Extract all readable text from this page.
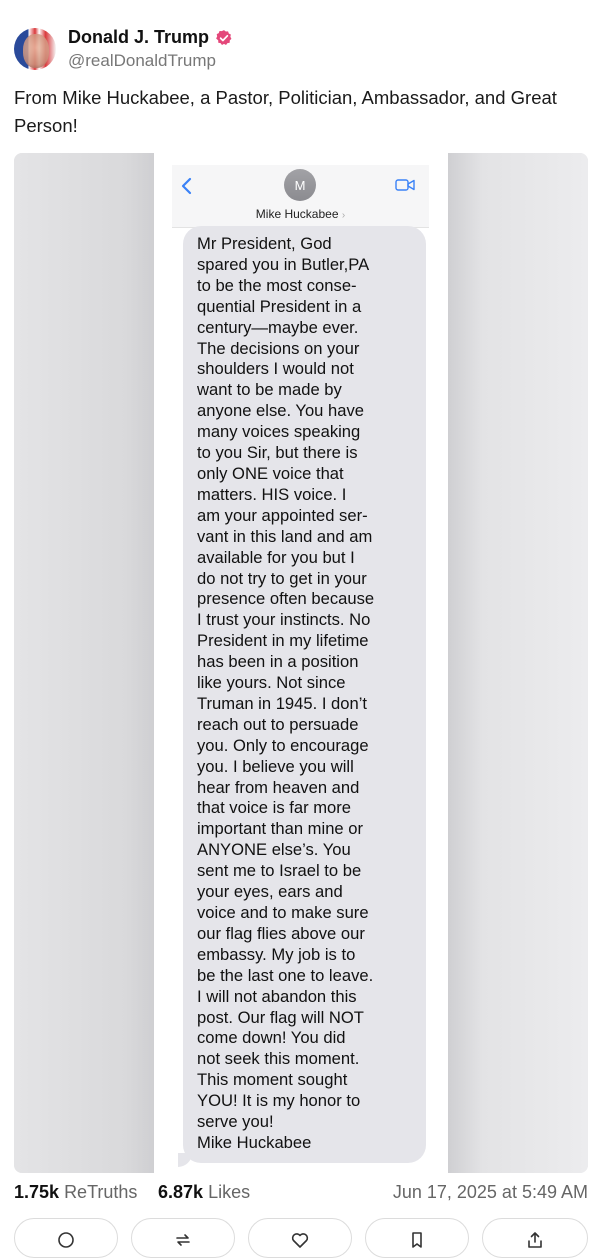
Donald J. Trump
@realDonaldTrump
From Mike Huckabee, a Pastor, Politician, Ambassador, and Great Person!
M
Mike Huckabee ›
Mr President, God
spared you in Butler,PA
to be the most conse-
quential President in a
century—maybe ever.
The decisions on your
shoulders I would not
want to be made by
anyone else. You have
many voices speaking
to you Sir, but there is
only ONE voice that
matters. HIS voice. I
am your appointed ser-
vant in this land and am
available for you but I
do not try to get in your
presence often because
I trust your instincts. No
President in my lifetime
has been in a position
like yours. Not since
Truman in 1945. I don’t
reach out to persuade
you. Only to encourage
you. I believe you will
hear from heaven and
that voice is far more
important than mine or
ANYONE else’s. You
sent me to Israel to be
your eyes, ears and
voice and to make sure
our flag flies above our
embassy. My job is to
be the last one to leave.
I will not abandon this
post. Our flag will NOT
come down! You did
not seek this moment.
This moment sought
YOU! It is my honor to
serve you!
Mike Huckabee
1.75k ReTruths 6.87k Likes	Jun 17, 2025 at 5:49 AM
